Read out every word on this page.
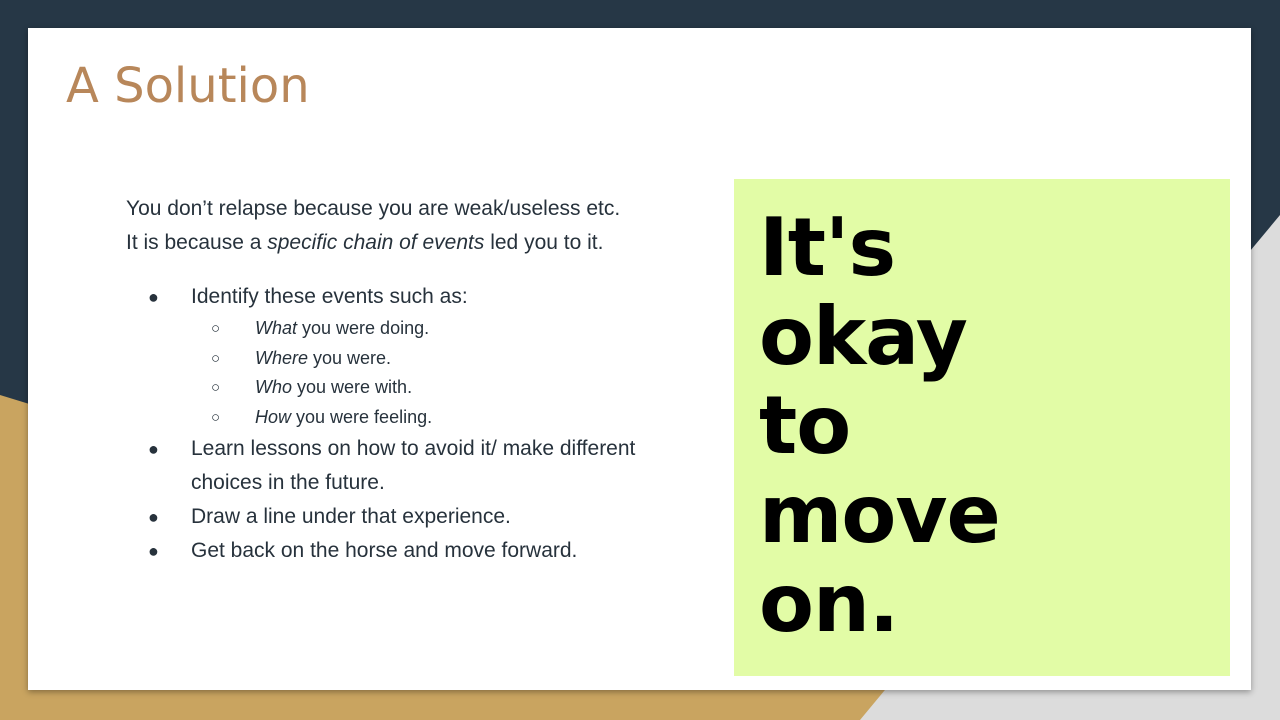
A Solution
You don’t relapse because you are weak/useless etc.
It is because a specific chain of events led you to it.
● Identify these events such as:
○ What you were doing.
○ Where you were.
○ Who you were with.
○ How you were feeling.
● Learn lessons on how to avoid it/ make different
choices in the future.
● Draw a line under that experience.
● Get back on the horse and move forward.
It's
okay
to
move
on.
